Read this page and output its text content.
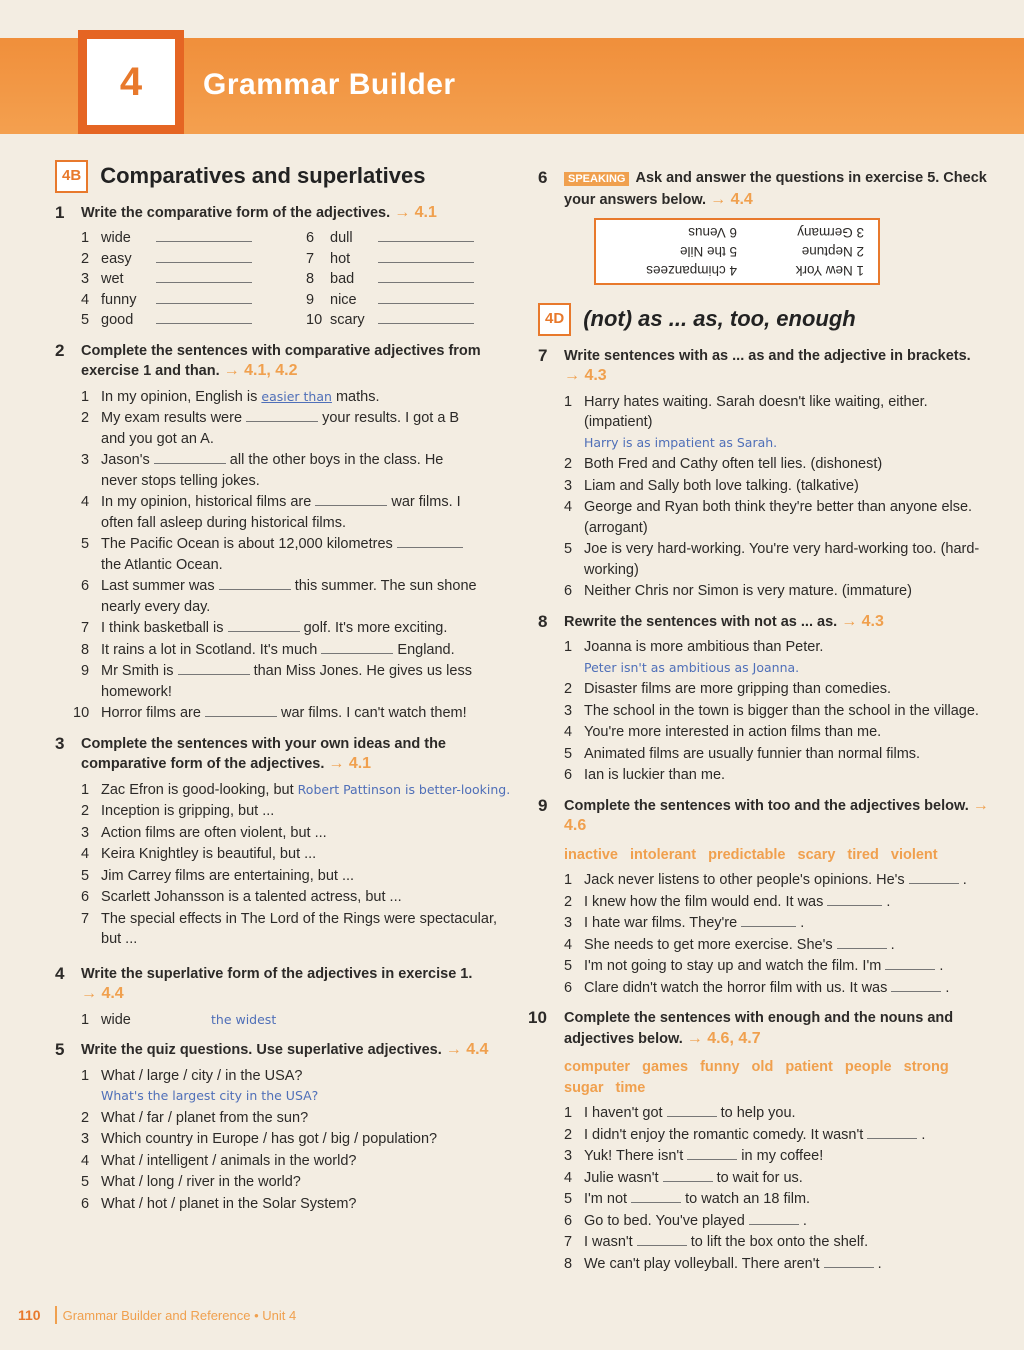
4	Grammar Builder
4B Comparatives and superlatives
1	Write the comparative form of the adjectives. → 4.1
1 wide
2 easy
3 wet
4 funny
5 good
6	dull
7	hot
8	bad
9	nice
10 scary
2	Complete the sentences with comparative adjectives from exercise 1 and than. → 4.1, 4.2
1 In my opinion, English is easier than maths.
2 My exam results were	your results. I got a B
and you got an A.
3 Jason's	all the other boys in the class. He
never stops telling jokes.
4 In my opinion, historical films are	war films. I
often fall asleep during historical films.
5 The Pacific Ocean is about 12,000 kilometres
the Atlantic Ocean.
6 Last summer was	this summer. The sun shone
nearly every day.
7 I think basketball is	golf. It's more exciting.
8 It rains a lot in Scotland. It's much	England.
9 Mr Smith is	than Miss Jones. He gives us less
homework!
10 Horror films are	war films. I can't watch them!
3	Complete the sentences with your own ideas and the comparative form of the adjectives. → 4.1
1 Zac Efron is good-looking, but Robert Pattinson is better-looking.
2 Inception is gripping, but ...
3 Action films are often violent, but ...
4 Keira Knightley is beautiful, but ...
5 Jim Carrey films are entertaining, but ...
6 Scarlett Johansson is a talented actress, but ...
7 The special effects in The Lord of the Rings were spectacular, but ...
4	Write the superlative form of the adjectives in exercise 1.
→ 4.4
1 wide	the widest
5	Write the quiz questions. Use superlative adjectives. → 4.4
1 What / large / city / in the USA?
What's the largest city in the USA?
2 What / far / planet from the sun?
3 Which country in Europe / has got / big / population?
4 What / intelligent / animals in the world?
5 What / long / river in the world?
6 What / hot / planet in the Solar System?
6	SPEAKING Ask and answer the questions in exercise 5. Check your answers below. → 4.4
1 New York
4 chimpanzees
2 Neptune
5 the Nile
3 Germany
6 Venus
4D (not) as ... as, too, enough
7	Write sentences with as ... as and the adjective in brackets.
→ 4.3
1 Harry hates waiting. Sarah doesn't like waiting, either. (impatient)
Harry is as impatient as Sarah.
2 Both Fred and Cathy often tell lies. (dishonest)
3 Liam and Sally both love talking. (talkative)
4 George and Ryan both think they're better than anyone else. (arrogant)
5 Joe is very hard-working. You're very hard-working too. (hard-working)
6 Neither Chris nor Simon is very mature. (immature)
8	Rewrite the sentences with not as ... as. → 4.3
1 Joanna is more ambitious than Peter.
Peter isn't as ambitious as Joanna.
2 Disaster films are more gripping than comedies.
3 The school in the town is bigger than the school in the village.
4 You're more interested in action films than me.
5 Animated films are usually funnier than normal films.
6 Ian is luckier than me.
9	Complete the sentences with too and the adjectives below. → 4.6
inactive intolerant predictable scary tired violent
1 Jack never listens to other people's opinions. He's	.
2 I knew how the film would end. It was	.
3 I hate war films. They're	.
4 She needs to get more exercise. She's	.
5 I'm not going to stay up and watch the film. I'm	.
6 Clare didn't watch the horror film with us. It was	.
10	Complete the sentences with enough and the nouns and adjectives below. → 4.6, 4.7
computer games funny old patient people strong sugar time
1 I haven't got	to help you.
2 I didn't enjoy the romantic comedy. It wasn't	.
3 Yuk! There isn't	in my coffee!
4 Julie wasn't	to wait for us.
5 I'm not	to watch an 18 film.
6 Go to bed. You've played	.
7 I wasn't	to lift the box onto the shelf.
8 We can't play volleyball. There aren't	.
110 Grammar Builder and Reference • Unit 4
